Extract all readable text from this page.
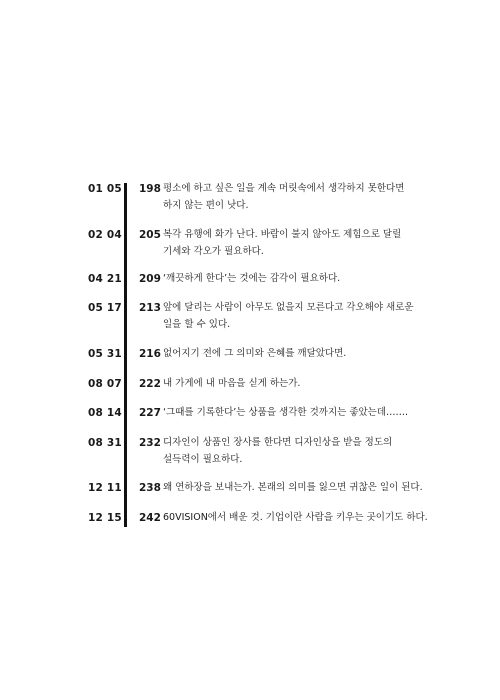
01 05 198 평소에 하고 싶은 일을 계속 머릿속에서 생각하지 못한다면
하지 않는 편이 낫다.
02 04 205 복각 유행에 화가 난다. 바람이 불지 않아도 제힘으로 달릴
기세와 각오가 필요하다.
04 21 209 ‘깨끗하게 한다’는 것에는 감각이 필요하다.
05 17 213 앞에 달리는 사람이 아무도 없을지 모른다고 각오해야 새로운
일을 할 수 있다.
05 31 216 없어지기 전에 그 의미와 은혜를 깨달았다면.
08 07 222 내 가게에 내 마음을 싣게 하는가.
08 14 227 ‘그때를 기록한다’는 상품을 생각한 것까지는 좋았는데…….
08 31 232 디자인이 상품인 장사를 한다면 디자인상을 받을 정도의
설득력이 필요하다.
12 11 238 왜 연하장을 보내는가. 본래의 의미를 잃으면 귀찮은 일이 된다.
12 15 242 60VISION에서 배운 것. 기업이란 사람을 키우는 곳이기도 하다.
